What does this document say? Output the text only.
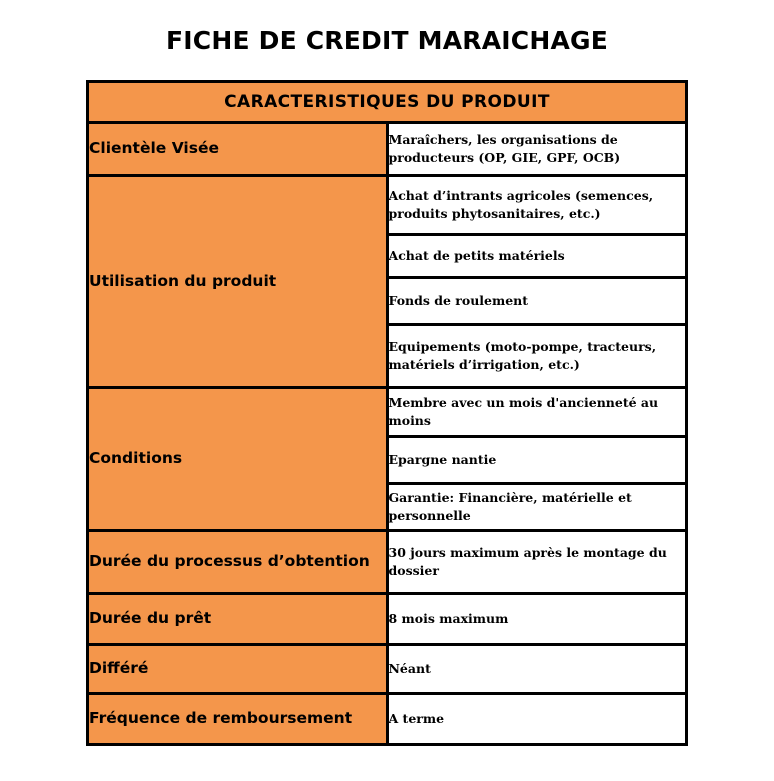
FICHE DE CREDIT MARAICHAGE
CARACTERISTIQUES DU PRODUIT	
Clientèle Visée	Maraîchers, les organisations de producteurs (OP, GIE, GPF, OCB)
Utilisation du produit	Achat d’intrants agricoles (semences, produits phytosanitaires, etc.)
	Achat de petits matériels
	Fonds de roulement
	Equipements (moto-pompe, tracteurs, matériels d’irrigation, etc.)
Conditions	Membre avec un mois d'ancienneté au moins
	Epargne nantie
	Garantie: Financière, matérielle et personnelle
Durée du processus d’obtention	30 jours maximum après le montage du dossier
Durée du prêt	8 mois maximum
Différé	Néant
Fréquence de remboursement	A terme
